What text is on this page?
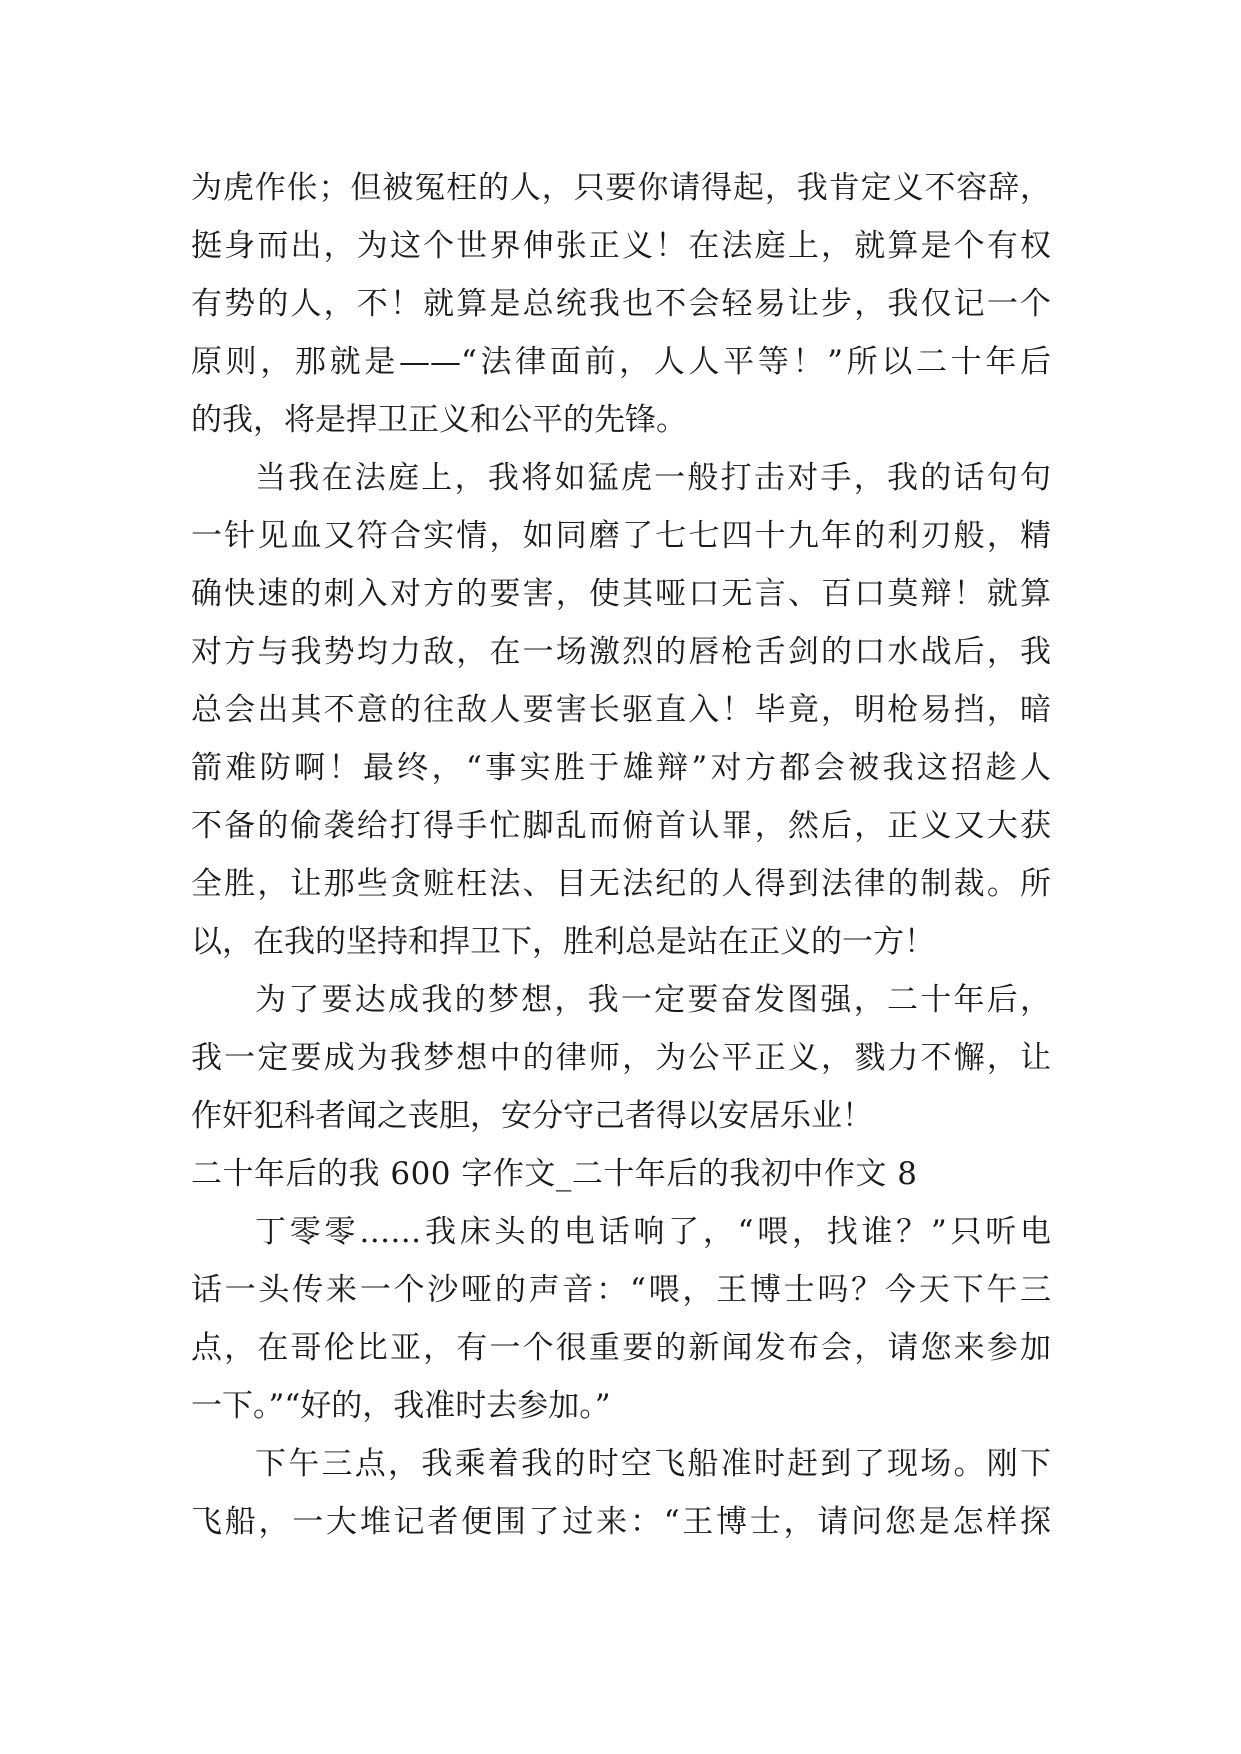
为虎作伥；但被冤枉的人，只要你请得起，我肯定义不容辞，
挺身而出，为这个世界伸张正义！在法庭上，就算是个有权
有势的人，不！就算是总统我也不会轻易让步，我仅记一个
原则，那就是——“法律面前，人人平等！”所以二十年后
的我，将是捍卫正义和公平的先锋。
当我在法庭上，我将如猛虎一般打击对手，我的话句句
一针见血又符合实情，如同磨了七七四十九年的利刃般，精
确快速的刺入对方的要害，使其哑口无言、百口莫辩！就算
对方与我势均力敌，在一场激烈的唇枪舌剑的口水战后，我
总会出其不意的往敌人要害长驱直入！毕竟，明枪易挡，暗
箭难防啊！最终，“事实胜于雄辩”对方都会被我这招趁人
不备的偷袭给打得手忙脚乱而俯首认罪，然后，正义又大获
全胜，让那些贪赃枉法、目无法纪的人得到法律的制裁。所
以，在我的坚持和捍卫下，胜利总是站在正义的一方！
为了要达成我的梦想，我一定要奋发图强，二十年后，
我一定要成为我梦想中的律师，为公平正义，戮力不懈，让
作奸犯科者闻之丧胆，安分守己者得以安居乐业！
二十年后的我 600 字作文_二十年后的我初中作文 8
丁零零……我床头的电话响了，“喂，找谁？”只听电
话一头传来一个沙哑的声音：“喂，王博士吗？今天下午三
点，在哥伦比亚，有一个很重要的新闻发布会，请您来参加
一下。”“好的，我准时去参加。”
下午三点，我乘着我的时空飞船准时赶到了现场。刚下
飞船，一大堆记者便围了过来：“王博士，请问您是怎样探
